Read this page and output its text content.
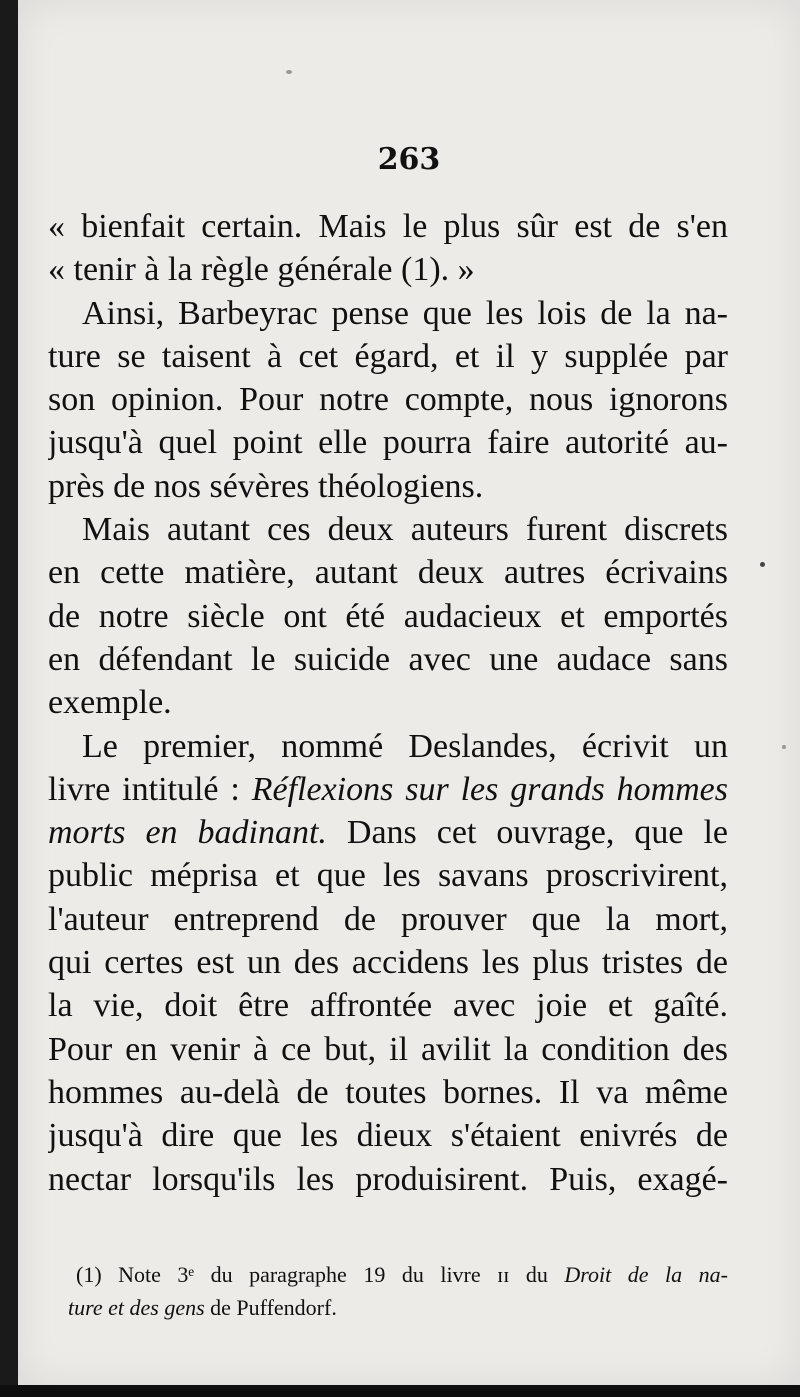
263
« bienfait certain. Mais le plus sûr est de s'en
« tenir à la règle générale (1). »
Ainsi, Barbeyrac pense que les lois de la na-
ture se taisent à cet égard, et il y supplée par
son opinion. Pour notre compte, nous ignorons
jusqu'à quel point elle pourra faire autorité au-
près de nos sévères théologiens.
Mais autant ces deux auteurs furent discrets
en cette matière, autant deux autres écrivains
de notre siècle ont été audacieux et emportés
en défendant le suicide avec une audace sans
exemple.
Le premier, nommé Deslandes, écrivit un
livre intitulé : Réflexions sur les grands hommes
morts en badinant. Dans cet ouvrage, que le
public méprisa et que les savans proscrivirent,
l'auteur entreprend de prouver que la mort,
qui certes est un des accidens les plus tristes de
la vie, doit être affrontée avec joie et gaîté.
Pour en venir à ce but, il avilit la condition des
hommes au-delà de toutes bornes. Il va même
jusqu'à dire que les dieux s'étaient enivrés de
nectar lorsqu'ils les produisirent. Puis, exagé-
(1) Note 3ᵉ du paragraphe 19 du livre ɪɪ du Droit de la na-
ture et des gens de Puffendorf.
